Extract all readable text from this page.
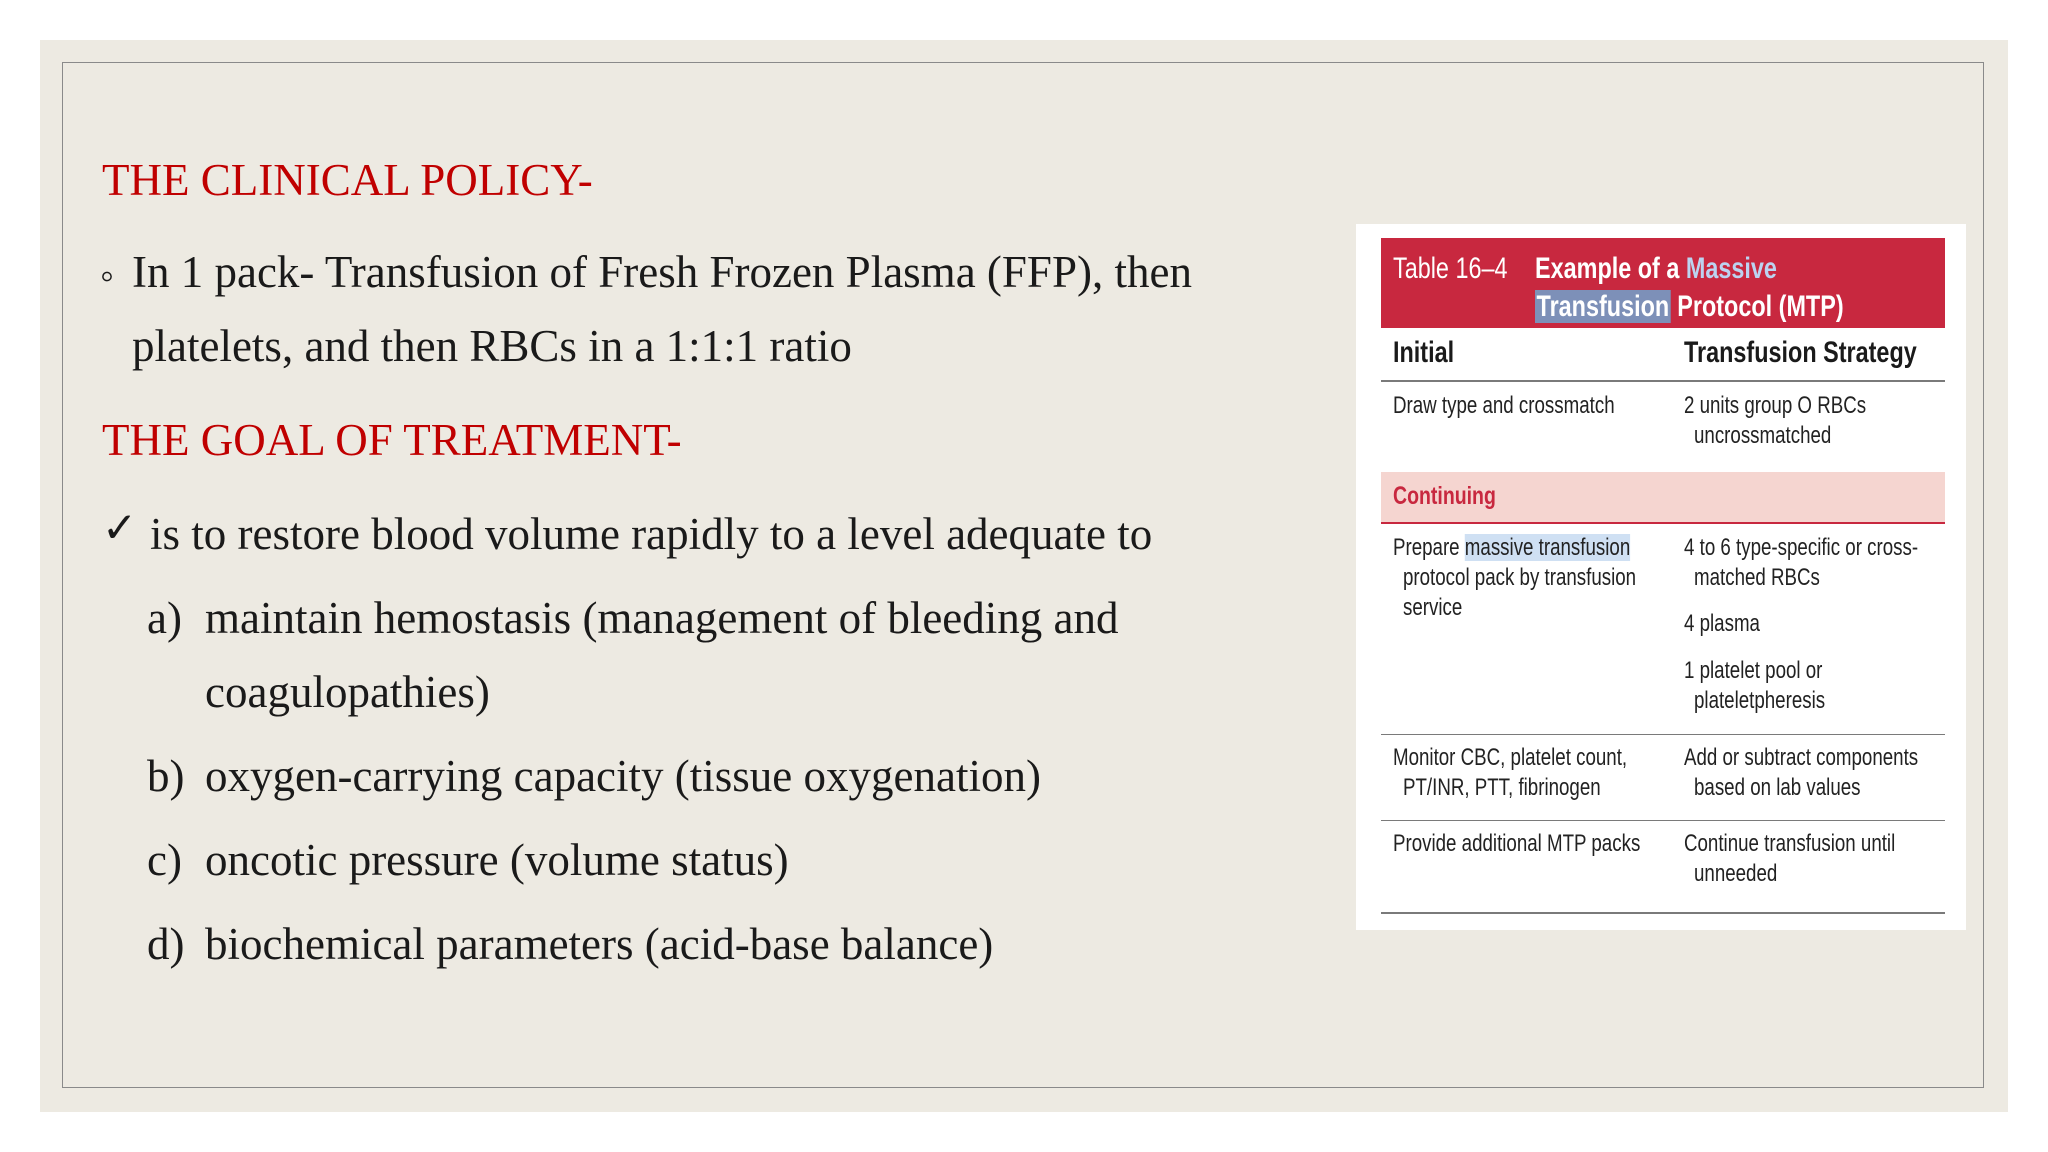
THE CLINICAL POLICY-
◦ In 1 pack- Transfusion of Fresh Frozen Plasma (FFP), then
platelets, and then RBCs in a 1:1:1 ratio
THE GOAL OF TREATMENT-
✓ is to restore blood volume rapidly to a level adequate to
a) maintain hemostasis (management of bleeding and
coagulopathies)
b) oxygen-carrying capacity (tissue oxygenation)
c) oncotic pressure (volume status)
d) biochemical parameters (acid-base balance)
Table 16–4 Example of a Massive
Transfusion Protocol (MTP)
Initial	Transfusion Strategy
Draw type and crossmatch	2 units group O RBCs
uncrossmatched
Continuing
Prepare massive transfusion
protocol pack by transfusion
service
4 to 6 type-specific or cross-
matched RBCs
4 plasma
1 platelet pool or
plateletpheresis
Monitor CBC, platelet count,
PT/INR, PTT, fibrinogen
Add or subtract components
based on lab values
Provide additional MTP packs Continue transfusion until
unneeded
